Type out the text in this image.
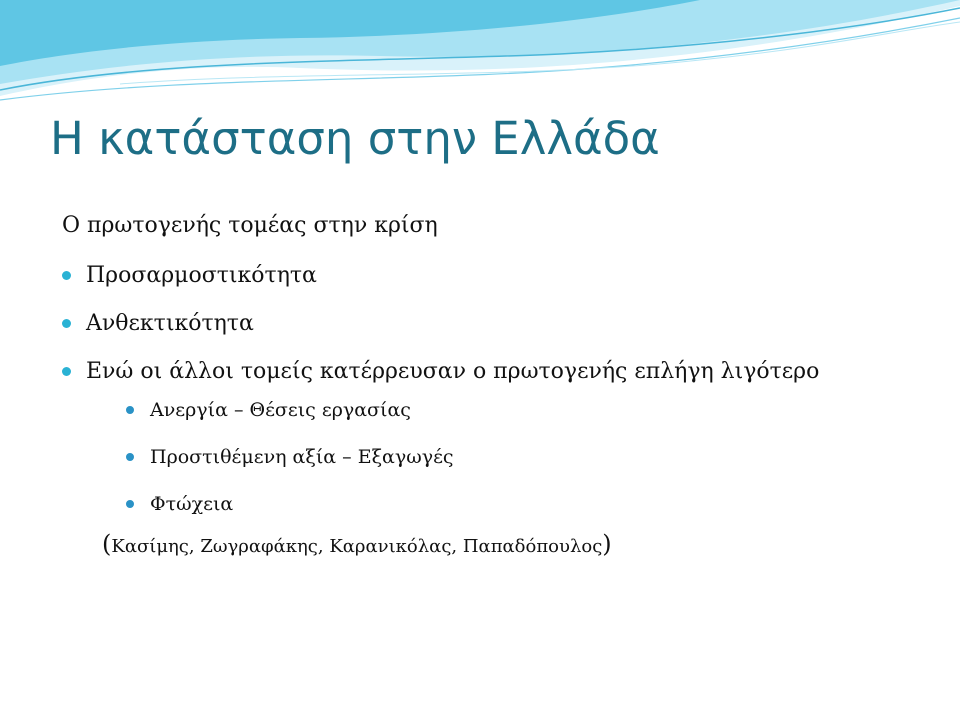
Η κατάσταση στην Ελλάδα

Ο πρωτογενής τομέας στην κρίση

Προσαρμοστικότητα
Ανθεκτικότητα
Ενώ οι άλλοι τομείς κατέρρευσαν ο πρωτογενής επλήγη λιγότερο
Ανεργία – Θέσεις εργασίας
Προστιθέμενη αξία – Εξαγωγές
Φτώχεια

(Κασίμης, Ζωγραφάκης, Καρανικόλας, Παπαδόπουλος)
